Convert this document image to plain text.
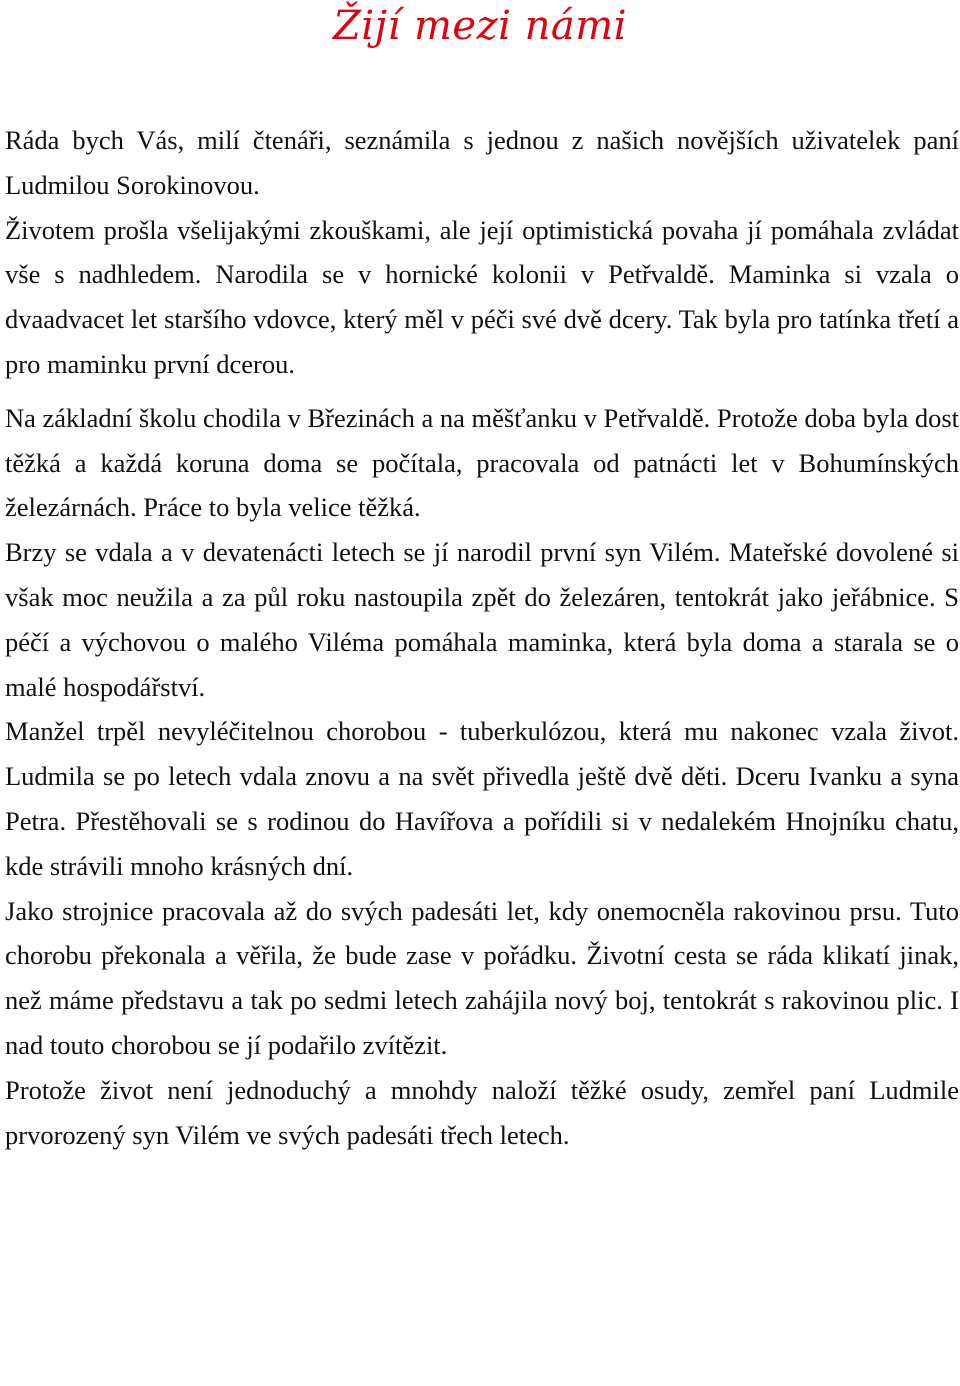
Žijí mezi námi

Ráda bych Vás, milí čtenáři, seznámila s jednou z našich novějších uživatelek paní Ludmilou Sorokinovou.

Životem prošla všelijakými zkouškami, ale její optimistická povaha jí pomáhala zvládat vše s nadhledem. Narodila se v hornické kolonii v Petřvaldě. Maminka si vzala o dvaadvacet let staršího vdovce, který měl v péči své dvě dcery. Tak byla pro tatínka třetí a pro maminku první dcerou.

Na základní školu chodila v Březinách a na měšťanku v Petřvaldě. Protože doba byla dost těžká a každá koruna doma se počítala, pracovala od patnácti let v Bohumínských železárnách. Práce to byla velice těžká.

Brzy se vdala a v devatenácti letech se jí narodil první syn Vilém. Mateřské dovolené si však moc neužila a za půl roku nastoupila zpět do železáren, tentokrát jako jeřábnice. S péčí a výchovou o malého Viléma pomáhala maminka, která byla doma a starala se o malé hospodářství.

Manžel trpěl nevyléčitelnou chorobou - tuberkulózou, která mu nakonec vzala život. Ludmila se po letech vdala znovu a na svět přivedla ještě dvě děti. Dceru Ivanku a syna Petra. Přestěhovali se s rodinou do Havířova a pořídili si v nedalekém Hnojníku chatu, kde strávili mnoho krásných dní.

Jako strojnice pracovala až do svých padesáti let, kdy onemocněla rakovinou prsu. Tuto chorobu překonala a věřila, že bude zase v pořádku. Životní cesta se ráda klikatí jinak, než máme představu a tak po sedmi letech zahájila nový boj, tentokrát s rakovinou plic. I nad touto chorobou se jí podařilo zvítězit.

Protože život není jednoduchý a mnohdy naloží těžké osudy, zemřel paní Ludmile prvorozený syn Vilém ve svých padesáti třech letech.
